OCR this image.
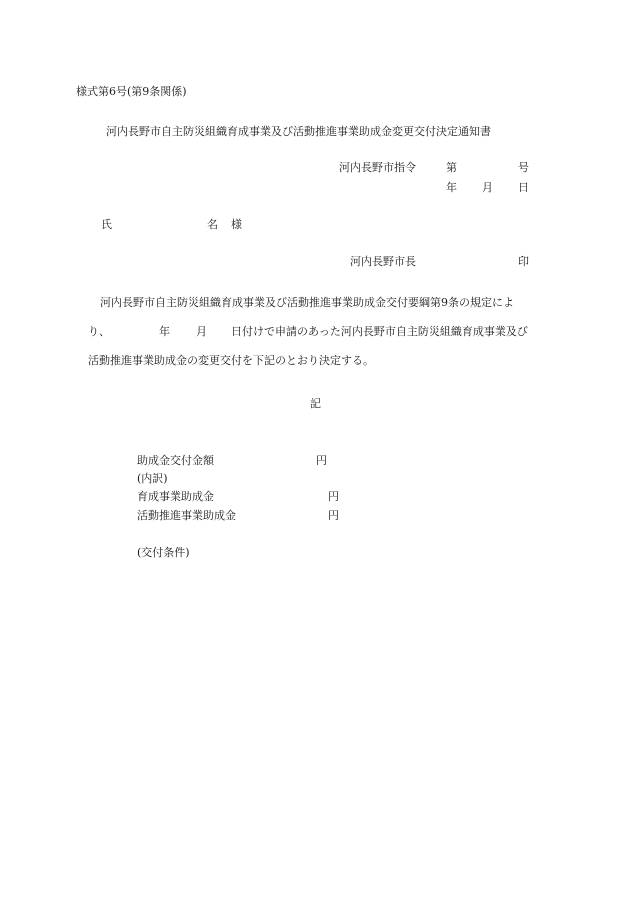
様式第6号(第9条関係)
河内長野市自主防災組織育成事業及び活動推進事業助成金変更交付決定通知書
河内長野市指令	第	号
年 月 日
氏	名 様
河内長野市長	印
河内長野市自主防災組織育成事業及び活動推進事業助成金交付要綱第9条の規定によ
り、	年 月 日付けで申請のあった河内長野市自主防災組織育成事業及び
活動推進事業助成金の変更交付を下記のとおり決定する。
記
助成金交付金額	円
(内訳)
育成事業助成金	円
活動推進事業助成金	円
(交付条件)
